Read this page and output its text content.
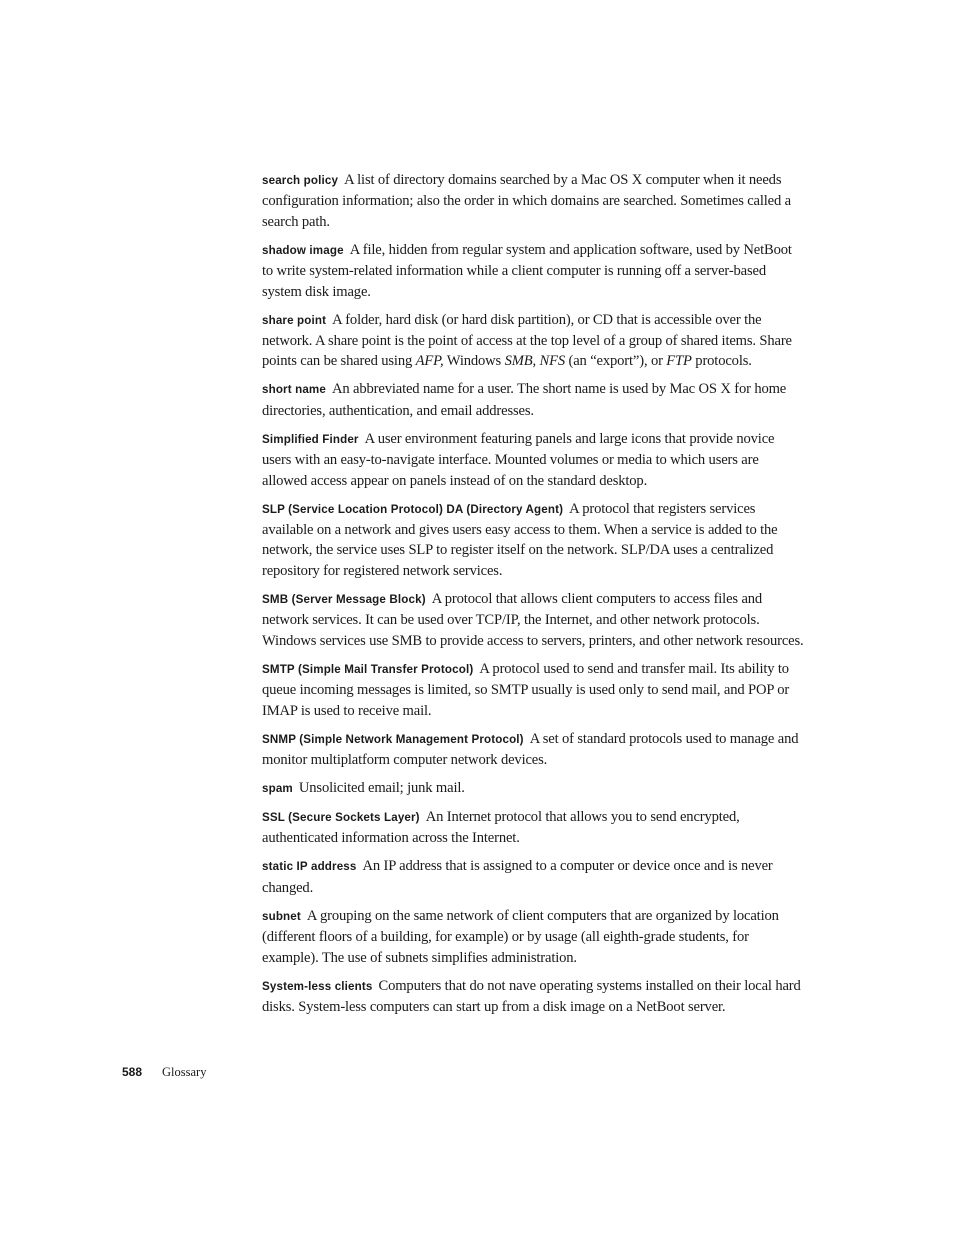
search policy A list of directory domains searched by a Mac OS X computer when it needs configuration information; also the order in which domains are searched. Sometimes called a search path.

shadow image A file, hidden from regular system and application software, used by NetBoot to write system-related information while a client computer is running off a server-based system disk image.

share point A folder, hard disk (or hard disk partition), or CD that is accessible over the network. A share point is the point of access at the top level of a group of shared items. Share points can be shared using AFP, Windows SMB, NFS (an “export”), or FTP protocols.

short name An abbreviated name for a user. The short name is used by Mac OS X for home directories, authentication, and email addresses.

Simplified Finder A user environment featuring panels and large icons that provide novice users with an easy-to-navigate interface. Mounted volumes or media to which users are allowed access appear on panels instead of on the standard desktop.

SLP (Service Location Protocol) DA (Directory Agent) A protocol that registers services available on a network and gives users easy access to them. When a service is added to the network, the service uses SLP to register itself on the network. SLP/DA uses a centralized repository for registered network services.

SMB (Server Message Block) A protocol that allows client computers to access files and network services. It can be used over TCP/IP, the Internet, and other network protocols. Windows services use SMB to provide access to servers, printers, and other network resources.

SMTP (Simple Mail Transfer Protocol) A protocol used to send and transfer mail. Its ability to queue incoming messages is limited, so SMTP usually is used only to send mail, and POP or IMAP is used to receive mail.

SNMP (Simple Network Management Protocol) A set of standard protocols used to manage and monitor multiplatform computer network devices.

spam Unsolicited email; junk mail.

SSL (Secure Sockets Layer) An Internet protocol that allows you to send encrypted, authenticated information across the Internet.

static IP address An IP address that is assigned to a computer or device once and is never changed.

subnet A grouping on the same network of client computers that are organized by location (different floors of a building, for example) or by usage (all eighth-grade students, for example). The use of subnets simplifies administration.

System-less clients Computers that do not nave operating systems installed on their local hard disks. System-less computers can start up from a disk image on a NetBoot server.

588 Glossary
